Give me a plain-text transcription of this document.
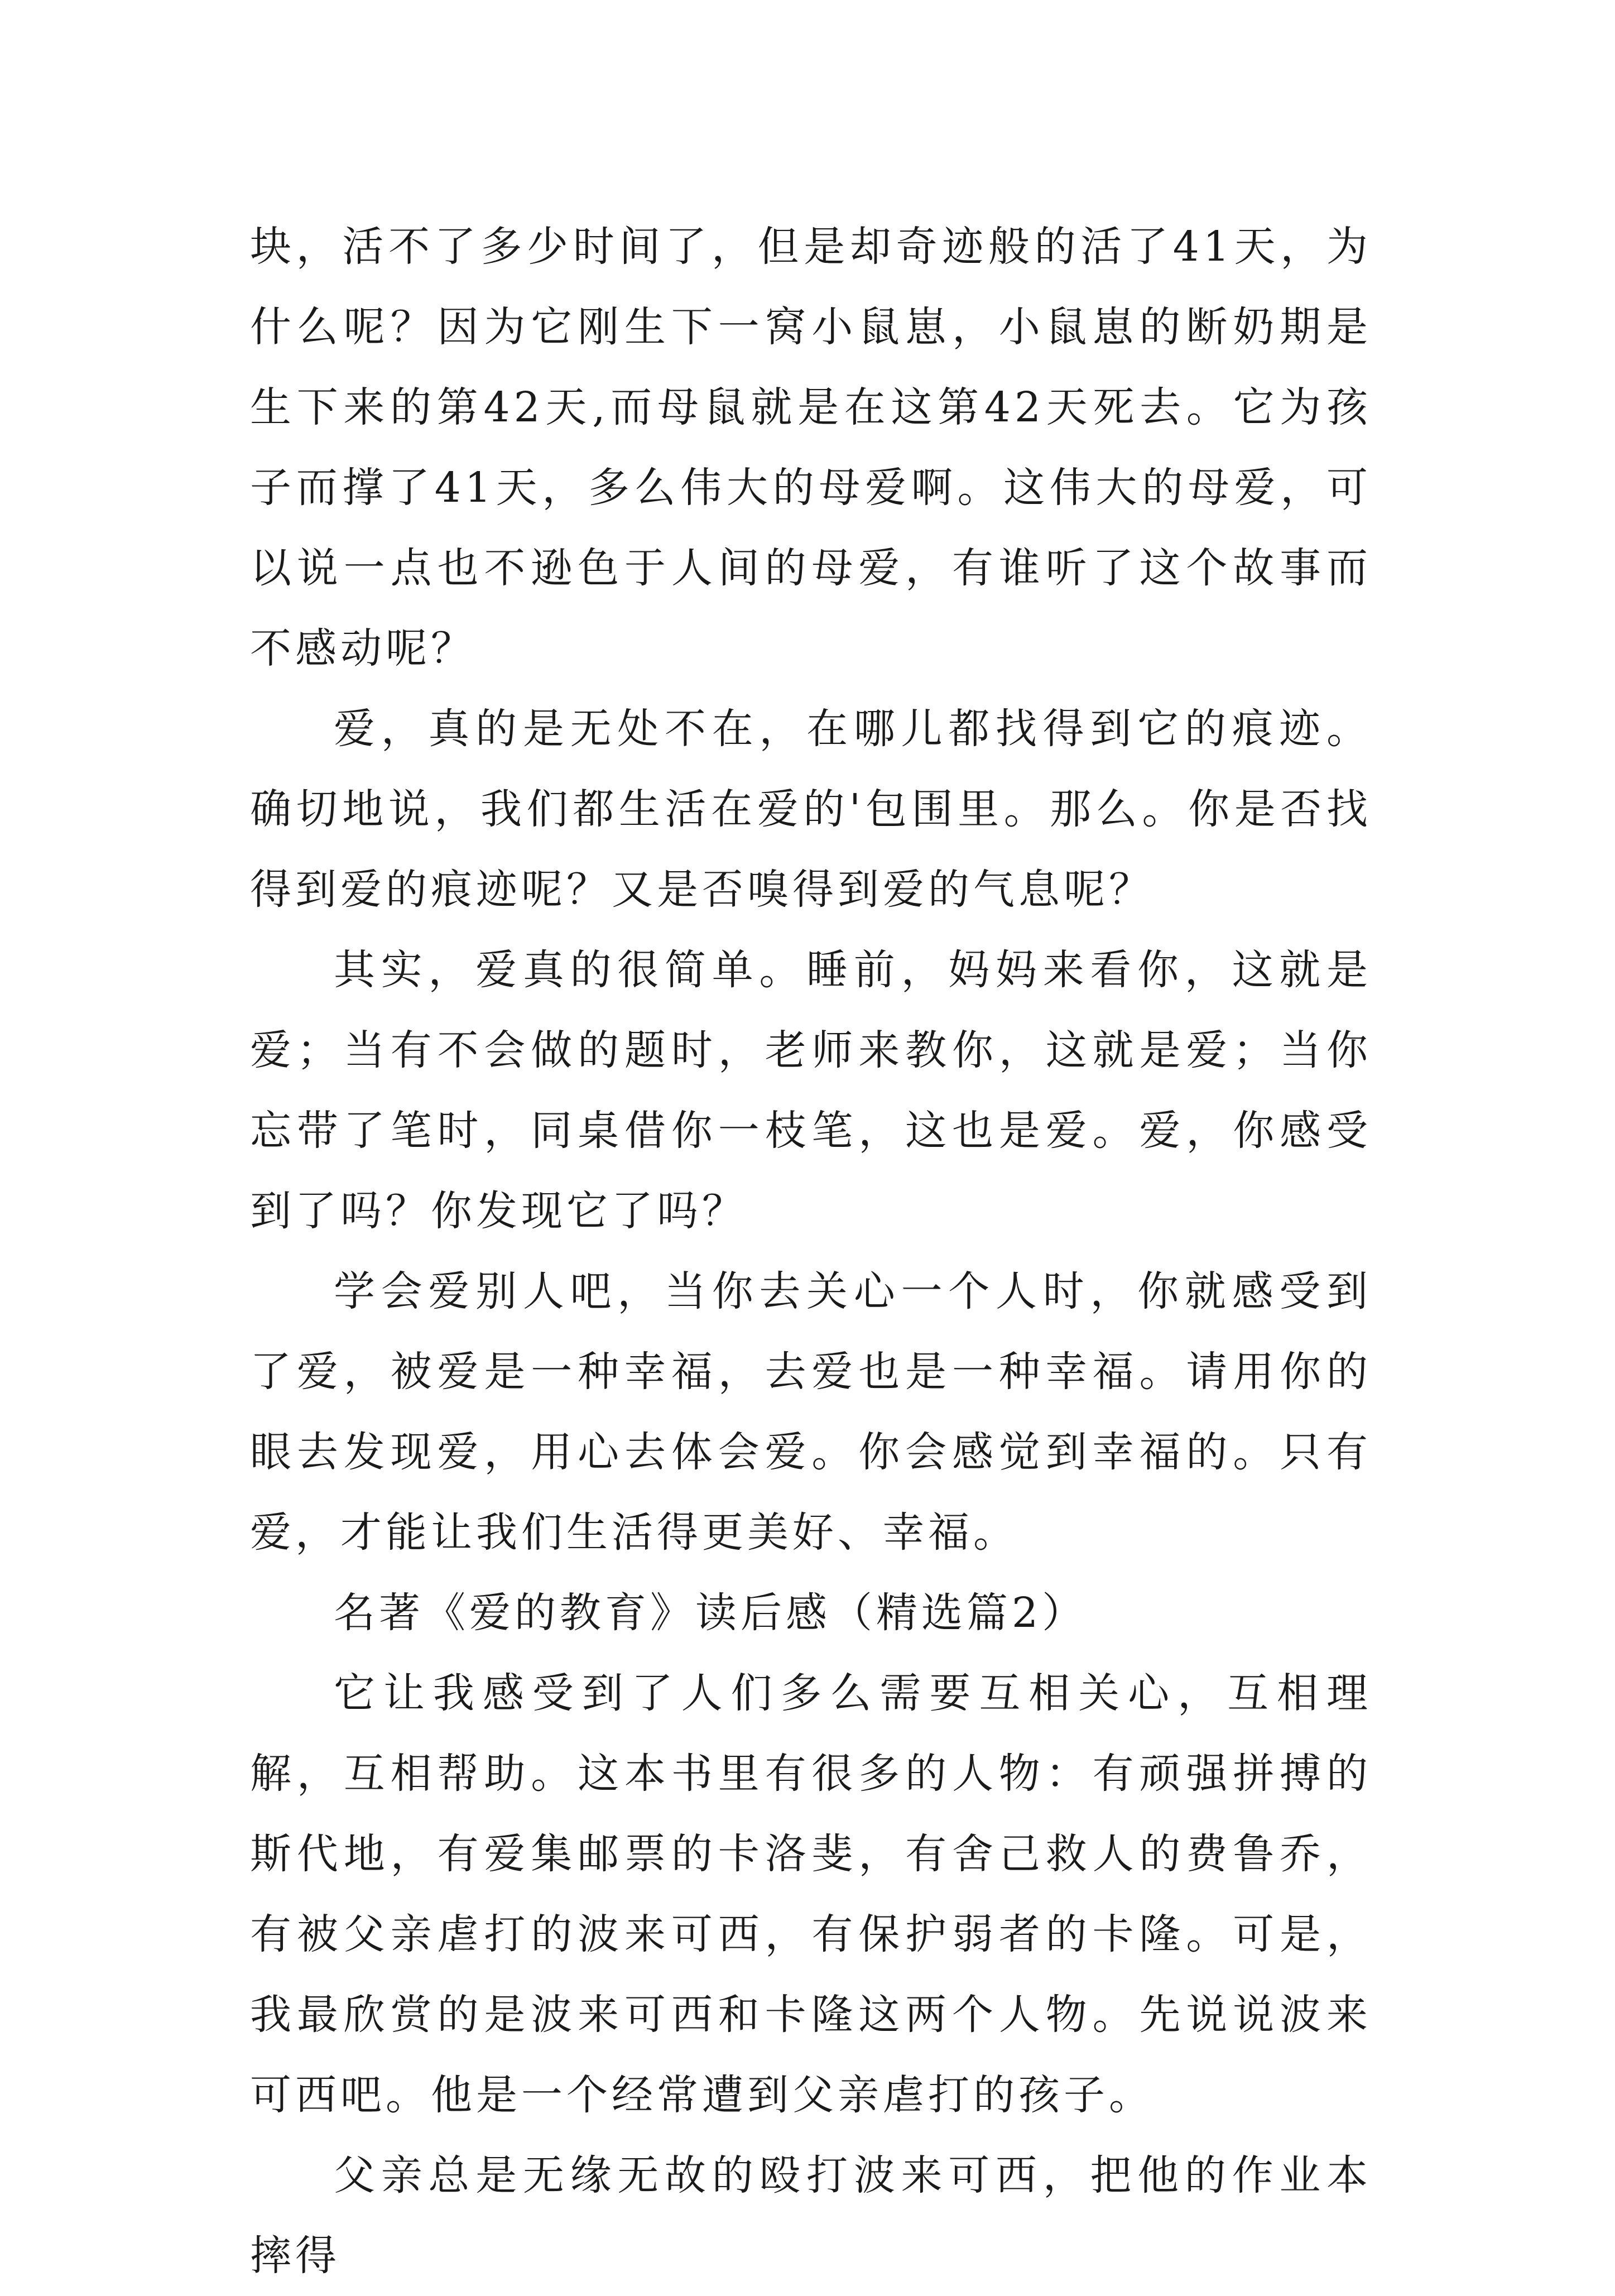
块，活不了多少时间了，但是却奇迹般的活了41天，为什么呢？因为它刚生下一窝小鼠崽，小鼠崽的断奶期是生下来的第42天,而母鼠就是在这第42天死去。它为孩子而撑了41天，多么伟大的母爱啊。这伟大的母爱，可以说一点也不逊色于人间的母爱，有谁听了这个故事而不感动呢？

爱，真的是无处不在，在哪儿都找得到它的痕迹。确切地说，我们都生活在爱的'包围里。那么。你是否找得到爱的痕迹呢？又是否嗅得到爱的气息呢？

其实，爱真的很简单。睡前，妈妈来看你，这就是爱；当有不会做的题时，老师来教你，这就是爱；当你忘带了笔时，同桌借你一枝笔，这也是爱。爱，你感受到了吗？你发现它了吗？

学会爱别人吧，当你去关心一个人时，你就感受到了爱，被爱是一种幸福，去爱也是一种幸福。请用你的眼去发现爱，用心去体会爱。你会感觉到幸福的。只有爱，才能让我们生活得更美好、幸福。

名著《爱的教育》读后感（精选篇2）

它让我感受到了人们多么需要互相关心，互相理解，互相帮助。这本书里有很多的人物：有顽强拼搏的斯代地，有爱集邮票的卡洛斐，有舍己救人的费鲁乔，有被父亲虐打的波来可西，有保护弱者的卡隆。可是，我最欣赏的是波来可西和卡隆这两个人物。先说说波来可西吧。他是一个经常遭到父亲虐打的孩子。

父亲总是无缘无故的殴打波来可西，把他的作业本摔得
